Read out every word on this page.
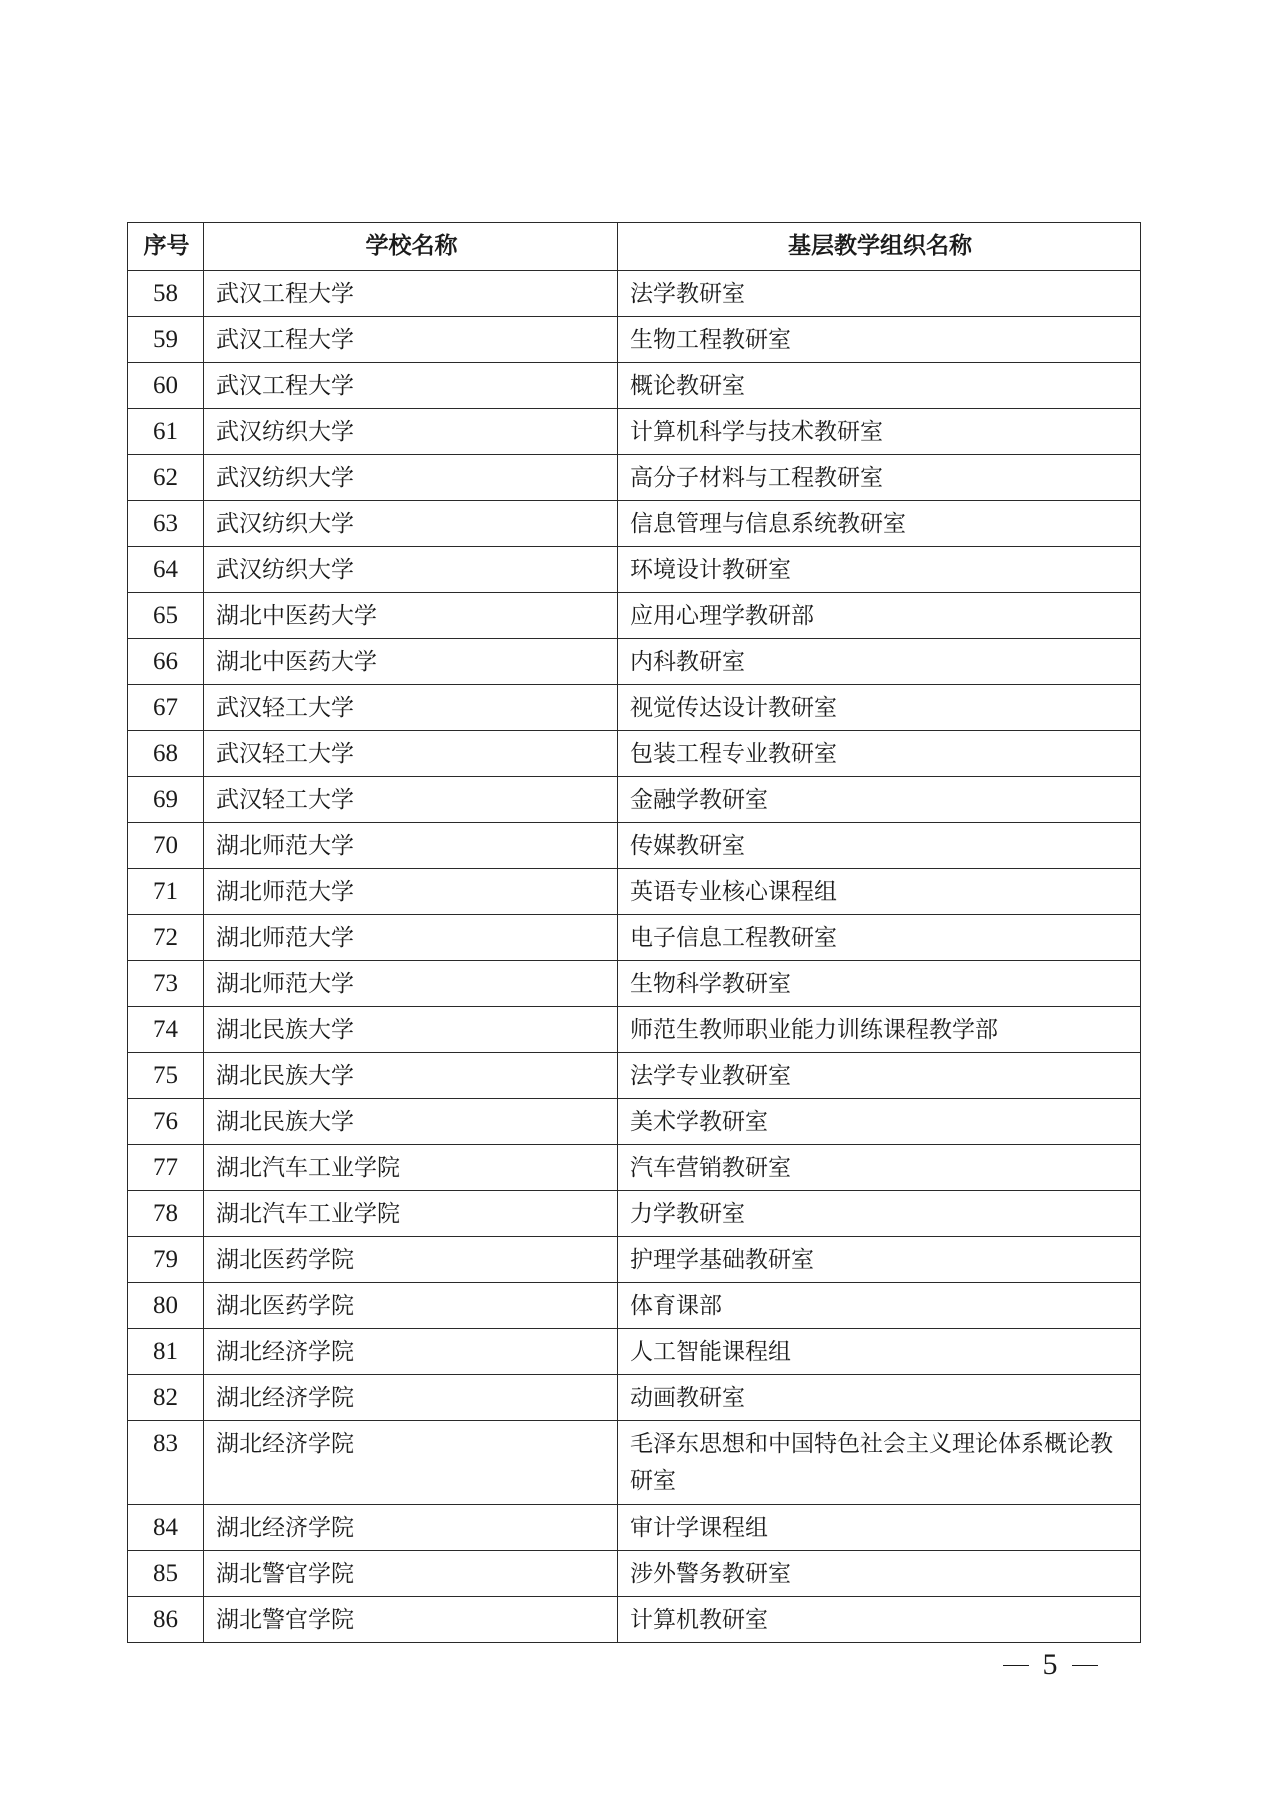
序号	学校名称	基层教学组织名称
58	武汉工程大学	法学教研室
59	武汉工程大学	生物工程教研室
60	武汉工程大学	概论教研室
61	武汉纺织大学	计算机科学与技术教研室
62	武汉纺织大学	高分子材料与工程教研室
63	武汉纺织大学	信息管理与信息系统教研室
64	武汉纺织大学	环境设计教研室
65	湖北中医药大学	应用心理学教研部
66	湖北中医药大学	内科教研室
67	武汉轻工大学	视觉传达设计教研室
68	武汉轻工大学	包装工程专业教研室
69	武汉轻工大学	金融学教研室
70	湖北师范大学	传媒教研室
71	湖北师范大学	英语专业核心课程组
72	湖北师范大学	电子信息工程教研室
73	湖北师范大学	生物科学教研室
74	湖北民族大学	师范生教师职业能力训练课程教学部
75	湖北民族大学	法学专业教研室
76	湖北民族大学	美术学教研室
77	湖北汽车工业学院	汽车营销教研室
78	湖北汽车工业学院	力学教研室
79	湖北医药学院	护理学基础教研室
80	湖北医药学院	体育课部
81	湖北经济学院	人工智能课程组
82	湖北经济学院	动画教研室
83	湖北经济学院	毛泽东思想和中国特色社会主义理论体系概论教研室
84	湖北经济学院	审计学课程组
85	湖北警官学院	涉外警务教研室
86	湖北警官学院	计算机教研室
5
